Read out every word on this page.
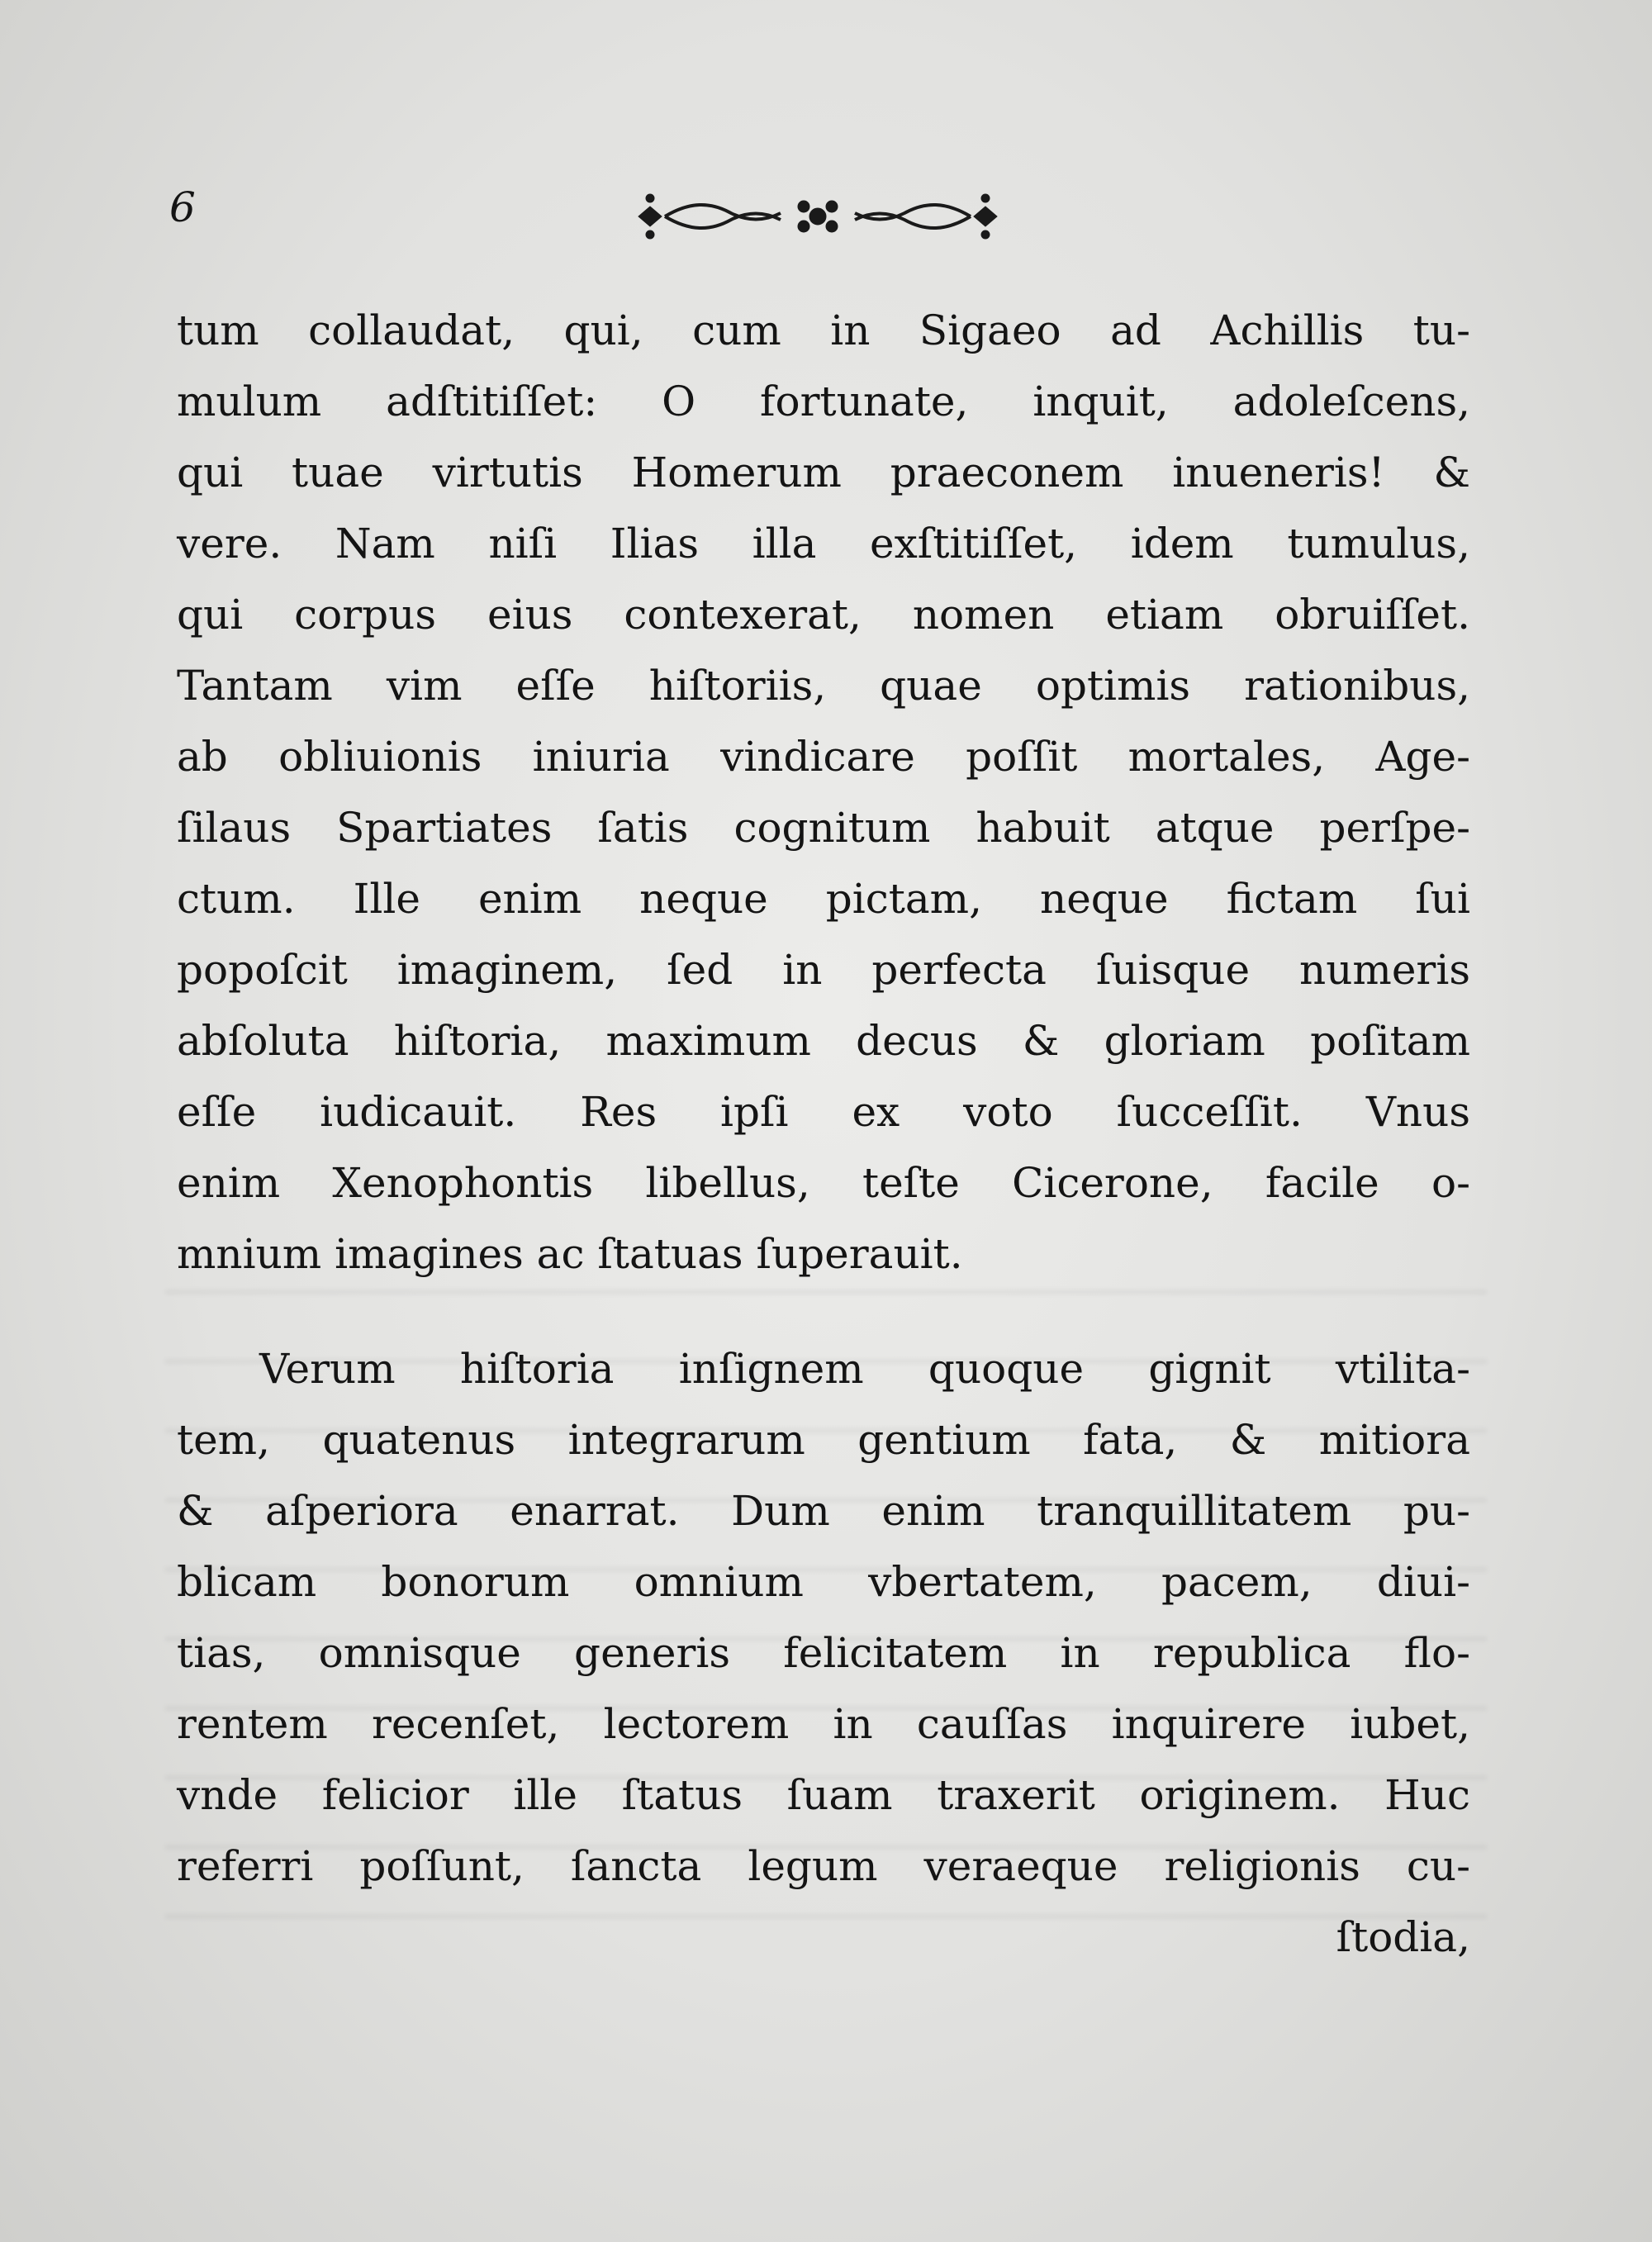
6
tum collaudat, qui, cum in Sigaeo ad Achillis tu-
mulum adſtitiſſet: O fortunate, inquit, adoleſcens,
qui tuae virtutis Homerum praeconem inueneris! &
vere. Nam niſi Ilias illa exſtitiſſet, idem tumulus,
qui corpus eius contexerat, nomen etiam obruiſſet.
Tantam vim eſſe hiſtoriis, quae optimis rationibus,
ab obliuionis iniuria vindicare poſſit mortales, Age-
ſilaus Spartiates ſatis cognitum habuit atque perſpe-
ctum. Ille enim neque pictam, neque fictam ſui
popoſcit imaginem, ſed in perfecta ſuisque numeris
abſoluta hiſtoria, maximum decus & gloriam poſitam
eſſe iudicauit. Res ipſi ex voto ſucceſſit. Vnus
enim Xenophontis libellus, teſte Cicerone, facile o-
mnium imagines ac ſtatuas ſuperauit.
Verum hiſtoria inſignem quoque gignit vtilita-
tem, quatenus integrarum gentium fata, & mitiora
& aſperiora enarrat. Dum enim tranquillitatem pu-
blicam bonorum omnium vbertatem, pacem, diui-
tias, omnisque generis felicitatem in republica flo-
rentem recenſet, lectorem in cauſſas inquirere iubet,
vnde felicior ille ſtatus ſuam traxerit originem. Huc
referri poſſunt, ſancta legum veraeque religionis cu-
ſtodia,
